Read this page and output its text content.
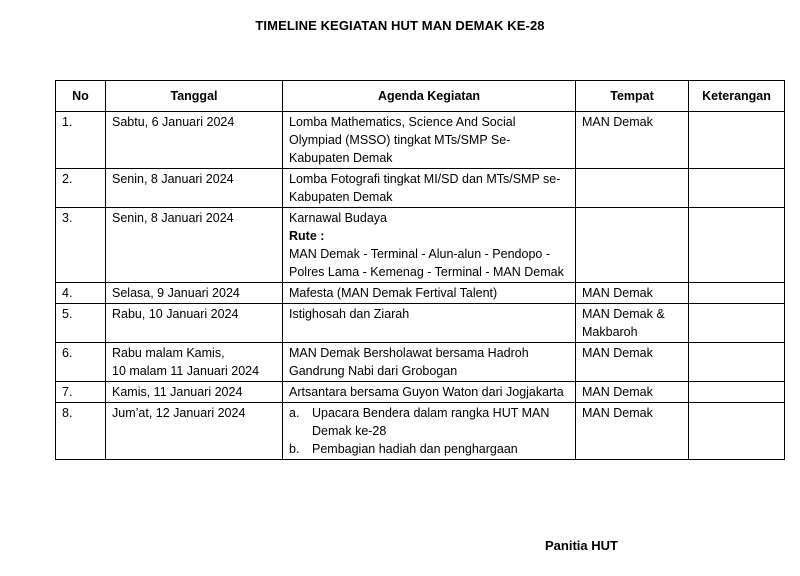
TIMELINE KEGIATAN HUT MAN DEMAK KE-28
No	Tanggal	Agenda Kegiatan	Tempat	Keterangan
1.	Sabtu, 6 Januari 2024	Lomba Mathematics, Science And Social Olympiad (MSSO) tingkat MTs/SMP Se-Kabupaten Demak	MAN Demak	
2.	Senin, 8 Januari 2024	Lomba Fotografi tingkat MI/SD dan MTs/SMP se-Kabupaten Demak		
3.	Senin, 8 Januari 2024	Karnawal Budaya
Rute :
MAN Demak - Terminal - Alun-alun - Pendopo - Polres Lama - Kemenag - Terminal - MAN Demak		

4.	Selasa, 9 Januari 2024	Mafesta (MAN Demak Fertival Talent)	MAN Demak	
5.	Rabu, 10 Januari 2024	Istighosah dan Ziarah	MAN Demak & Makbaroh	
6.	Rabu malam Kamis,
10 malam 11 Januari 2024	MAN Demak Bersholawat bersama Hadroh Gandrung Nabi dari Grobogan	MAN Demak	
7.	Kamis, 11 Januari 2024	Artsantara bersama Guyon Waton dari Jogjakarta	MAN Demak	
8.	Jum’at, 12 Januari 2024	a. Upacara Bendera dalam rangka HUT MAN Demak ke-28
b. Pembagian hadiah dan penghargaan	MAN Demak	
Panitia HUT
